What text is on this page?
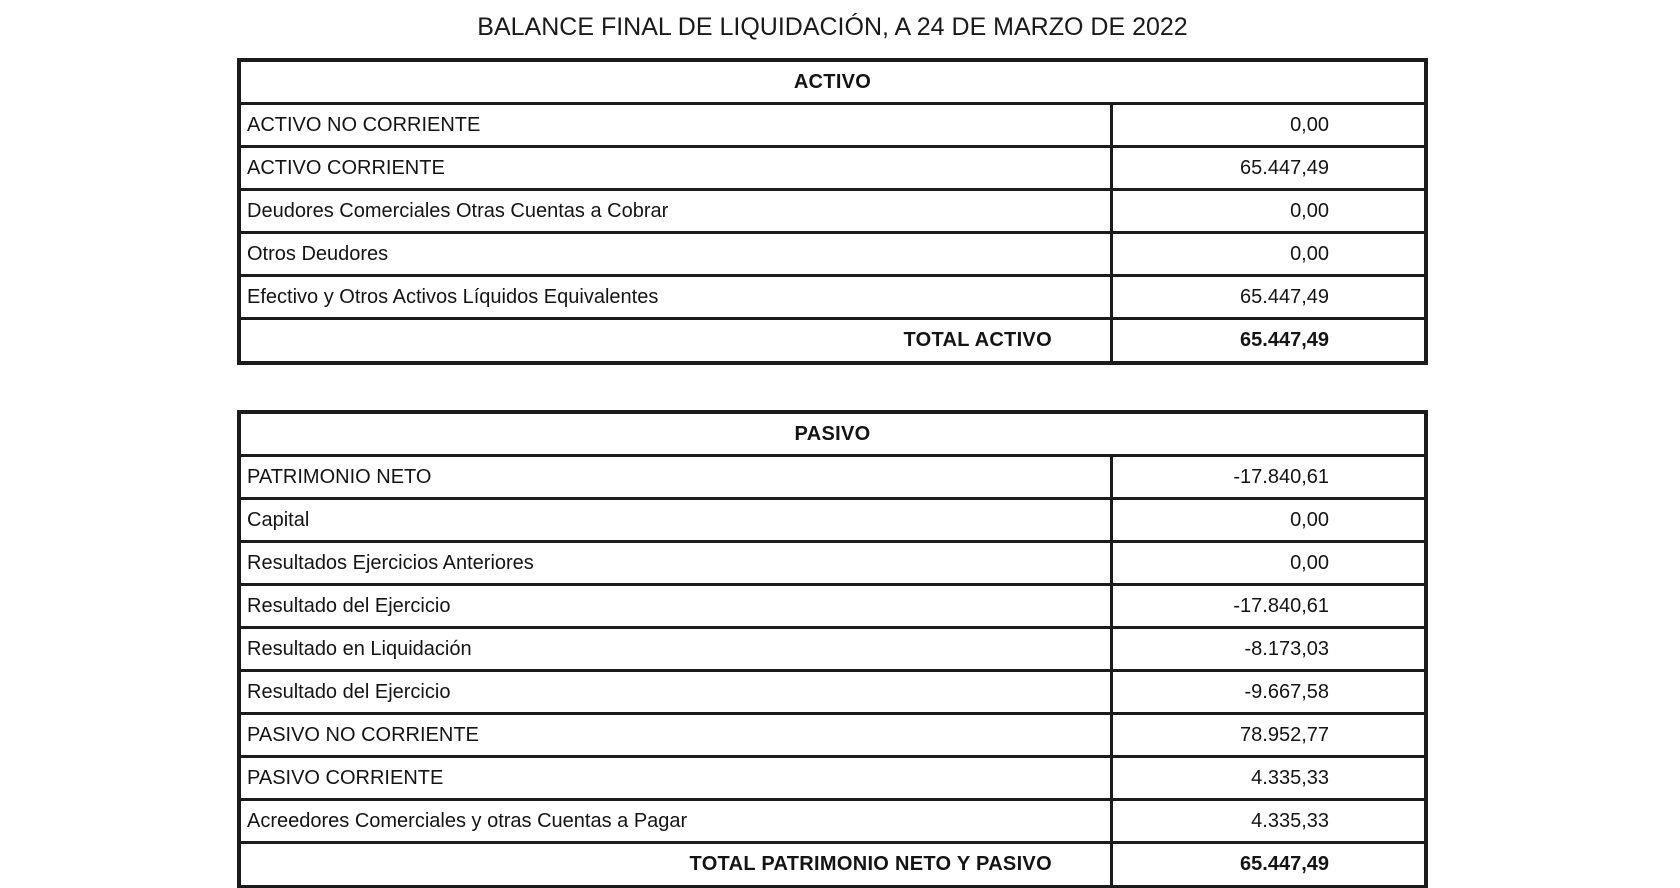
BALANCE FINAL DE LIQUIDACIÓN, A 24 DE MARZO DE 2022
ACTIVO	
ACTIVO NO CORRIENTE	0,00
ACTIVO CORRIENTE	65.447,49
Deudores Comerciales Otras Cuentas a Cobrar	0,00
Otros Deudores	0,00
Efectivo y Otros Activos Líquidos Equivalentes	65.447,49
TOTAL ACTIVO	65.447,49
PASIVO	
PATRIMONIO NETO	-17.840,61
Capital	0,00
Resultados Ejercicios Anteriores	0,00
Resultado del Ejercicio	-17.840,61
Resultado en Liquidación	-8.173,03
Resultado del Ejercicio	-9.667,58
PASIVO NO CORRIENTE	78.952,77
PASIVO CORRIENTE	4.335,33
Acreedores Comerciales y otras Cuentas a Pagar	4.335,33
TOTAL PATRIMONIO NETO Y PASIVO	65.447,49
